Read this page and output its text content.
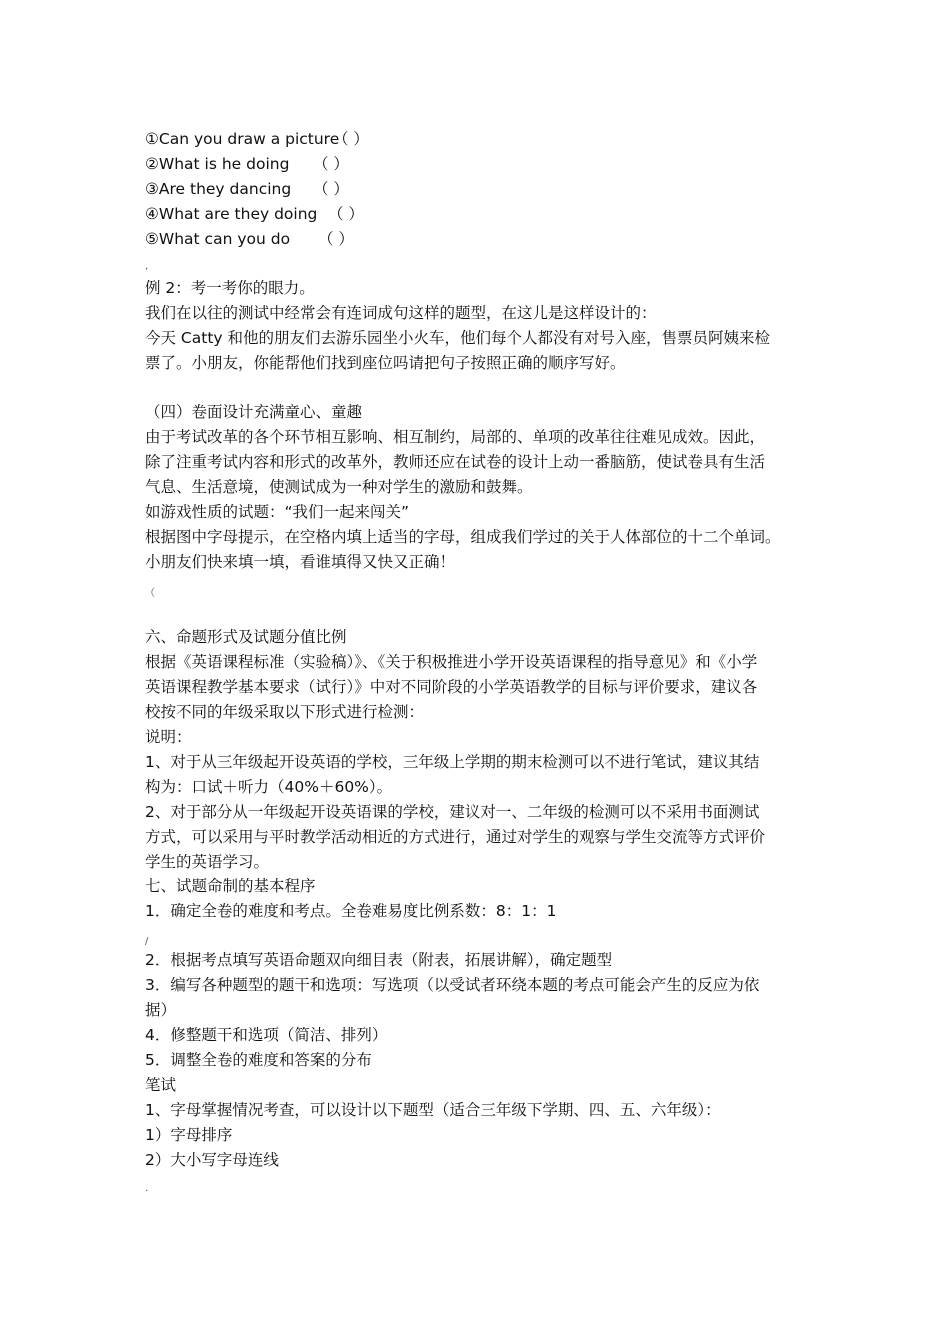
①Can you draw a picture
（ ）
②What is he doing （ ）
③Are they dancing （ ）
④What are they doing （ ）
⑤What can you do （ ）
,
例 2：考一考你的眼力。
我们在以往的测试中经常会有连词成句这样的题型，在这儿是这样设计的：
今天 Catty 和他的朋友们去游乐园坐小火车，他们每个人都没有对号入座，售票员阿姨来检
票了。小朋友，你能帮他们找到座位吗请把句子按照正确的顺序写好。
（四）卷面设计充满童心、童趣
由于考试改革的各个环节相互影响、相互制约，局部的、单项的改革往往难见成效。因此，
除了注重考试内容和形式的改革外，教师还应在试卷的设计上动一番脑筋，使试卷具有生活
气息、生活意境，使测试成为一种对学生的激励和鼓舞。
如游戏性质的试题：“我们一起来闯关”
根据图中字母提示，在空格内填上适当的字母，组成我们学过的关于人体部位的十二个单词。
小朋友们快来填一填，看谁填得又快又正确！
（
六、命题形式及试题分值比例
根据《英语课程标准（实验稿）》、《关于积极推进小学开设英语课程的指导意见》和《小学
英语课程教学基本要求（试行）》中对不同阶段的小学英语教学的目标与评价要求，建议各
校按不同的年级采取以下形式进行检测：
说明：
1、对于从三年级起开设英语的学校，三年级上学期的期末检测可以不进行笔试，建议其结
构为：口试＋听力（40%＋60%）。
2、对于部分从一年级起开设英语课的学校，建议对一、二年级的检测可以不采用书面测试
方式，可以采用与平时教学活动相近的方式进行，通过对学生的观察与学生交流等方式评价
学生的英语学习。
七、试题命制的基本程序
1．确定全卷的难度和考点。全卷难易度比例系数：8：1：1
/
2．根据考点填写英语命题双向细目表（附表，拓展讲解），确定题型
3．编写各种题型的题干和选项：写选项（以受试者环绕本题的考点可能会产生的反应为依
据）
4．修整题干和选项（简洁、排列）
5．调整全卷的难度和答案的分布
笔试
1、字母掌握情况考查，可以设计以下题型（适合三年级下学期、四、五、六年级）：
1）字母排序
2）大小写字母连线
.
